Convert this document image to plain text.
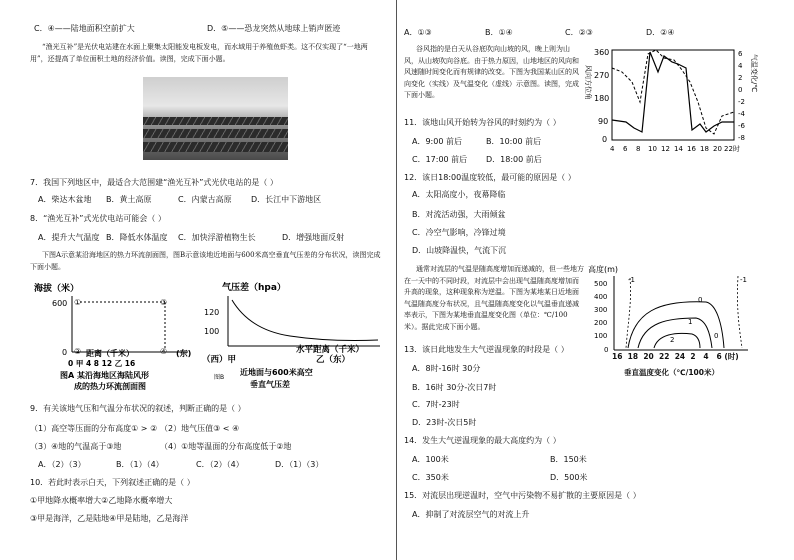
C．④——陆地面积空前扩大	D．⑤——恐龙突然从地球上销声匿迹
“渔光互补”是光伏电站建在水面上聚集太阳能发电板发电，而水域用于养殖鱼虾类。这不仅实现了“一地两用”，还提高了单位面积土地的经济价值。读图，完成下面小题。
7．我国下列地区中，最适合大范围建“渔光互补”式光伏电站的是（ ）
A．柴达木盆地 B．黄土高原	C．内蒙古高原 D．长江中下游地区
8．“渔光互补”式光伏电站可能会（ ）
A．提升大气温度 B．降低水体温度 C．加快浮游植物生长	D．增强地面反射
下图A示意某沿海地区的热力环流剖面图，图B示意该地近地面与600米高空垂直气压差的分布状况，读图完成下面小题。
海拔（米）
600
0
①	③
②	④
距离（千米）	(东)
0 甲 4 8 12 乙 16
图A 某沿海地区海陆风形
成的热力环流剖面图
气压差（hpa）
120
100
水平距离（千米）
（西）甲	乙（东）
图B
近地面与600米高空
垂直气压差
9．有关该地气压和气温分布状况的叙述，判断正确的是（ ）
（1）高空等压面的分布高度① > ② （2）地气压值③ < ④
（3）④地的气温高于③地	（4）①地等温面的分布高度低于②地
A．（2）（3）	B．（1）（4）	C．（2）（4）	D．（1）（3）
10．若此时表示白天，下列叙述正确的是（ ）
①甲地降水概率增大②乙地降水概率增大
③甲是海洋，乙是陆地④甲是陆地，乙是海洋
A．①③	B．①④	C．②③	D．②④
谷风指的是白天从谷底吹向山坡的风，晚上则为山风，从山坡吹向谷底。由于热力原因，山地地区的风向和风速随时间变化而有规律的改变。下图为我国某山区的风向变化（实线）及气温变化（虚线）示意图。读图，完成下面小题。
360
270
180
90
0
风向方位角
6
4
2
0
-2
-4
-6
-8
气温变化/℃
4 6 8 10 12 14 16 18 20 22时
11．该地山风开始转为谷风的时刻约为（ ）
A．9:00 前后	B．10:00 前后
C．17:00 前后 D．18:00 前后
12．该日18:00温度较低，最可能的原因是（ ）
A．太阳高度小，夜幕降临
B．对流活动强，大雨倾盆
C．冷空气影响，冷锋过境
D．山坡降温快，气流下沉
通常对流层的气温是随高度增加而递减的，但一些地方在一天中的不同时段，对流层中会出现气温随高度增加而升高的现象，这种现象称为逆温。下图为某地某日近地面气温随高度分布状况，且气温随高度变化以气温垂直递减率表示，下图为某地垂直温度变化图（单位：℃/100米）。据此完成下面小题。
高度(m)
500
400
300
200
100
0
-1	-1
0
1
2	0
16 18 20 22 24 2 4 6 (时)
垂直温度变化（℃/100米）
13．该日此地发生大气逆温现象的时段是（ ）
A．8时-16时 30分
B．16时 30分-次日7时
C．7时-23时
D．23时-次日5时
14．发生大气逆温现象的最大高度约为（ ）
A．100米	B．150米
C．350米	D．500米
15．对流层出现逆温时，空气中污染物不易扩散的主要原因是（ ）
A．抑制了对流层空气的对流上升
